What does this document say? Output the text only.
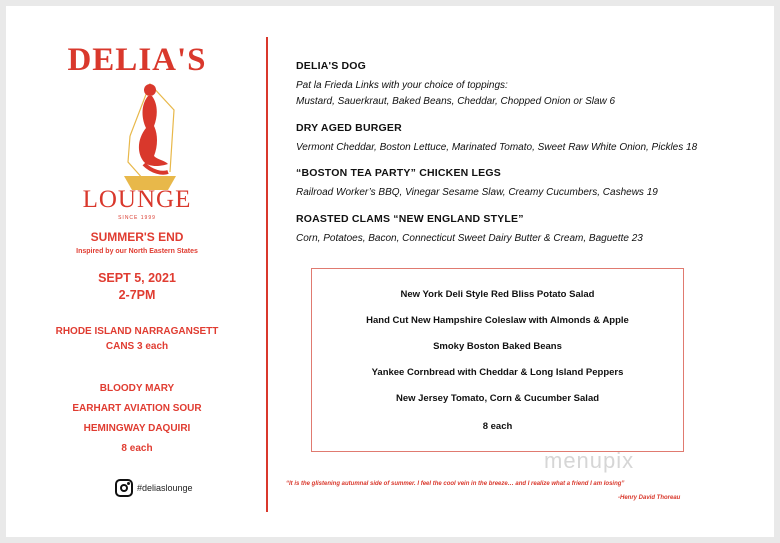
DELIA'S
LOUNGE
SINCE 1999
SUMMER'S END
Inspired by our North Eastern States
SEPT 5, 2021
2-7PM
RHODE ISLAND NARRAGANSETT
CANS 3 each
BLOODY MARY
EARHART AVIATION SOUR
HEMINGWAY DAQUIRI
8 each
#deliaslounge
DELIA'S DOG
Pat la Frieda Links with your choice of toppings:
Mustard, Sauerkraut, Baked Beans, Cheddar, Chopped Onion or Slaw 6
DRY AGED BURGER
Vermont Cheddar, Boston Lettuce, Marinated Tomato, Sweet Raw White Onion, Pickles 18
“BOSTON TEA PARTY” CHICKEN LEGS
Railroad Worker’s BBQ, Vinegar Sesame Slaw, Creamy Cucumbers, Cashews 19
ROASTED CLAMS “NEW ENGLAND STYLE”
Corn, Potatoes, Bacon, Connecticut Sweet Dairy Butter & Cream, Baguette 23
New York Deli Style Red Bliss Potato Salad
Hand Cut New Hampshire Coleslaw with Almonds & Apple
Smoky Boston Baked Beans
Yankee Cornbread with Cheddar & Long Island Peppers
New Jersey Tomato, Corn & Cucumber Salad
8 each
menupix
“It is the glistening autumnal side of summer. I feel the cool vein in the breeze… and I realize what a friend I am losing”
-Henry David Thoreau
